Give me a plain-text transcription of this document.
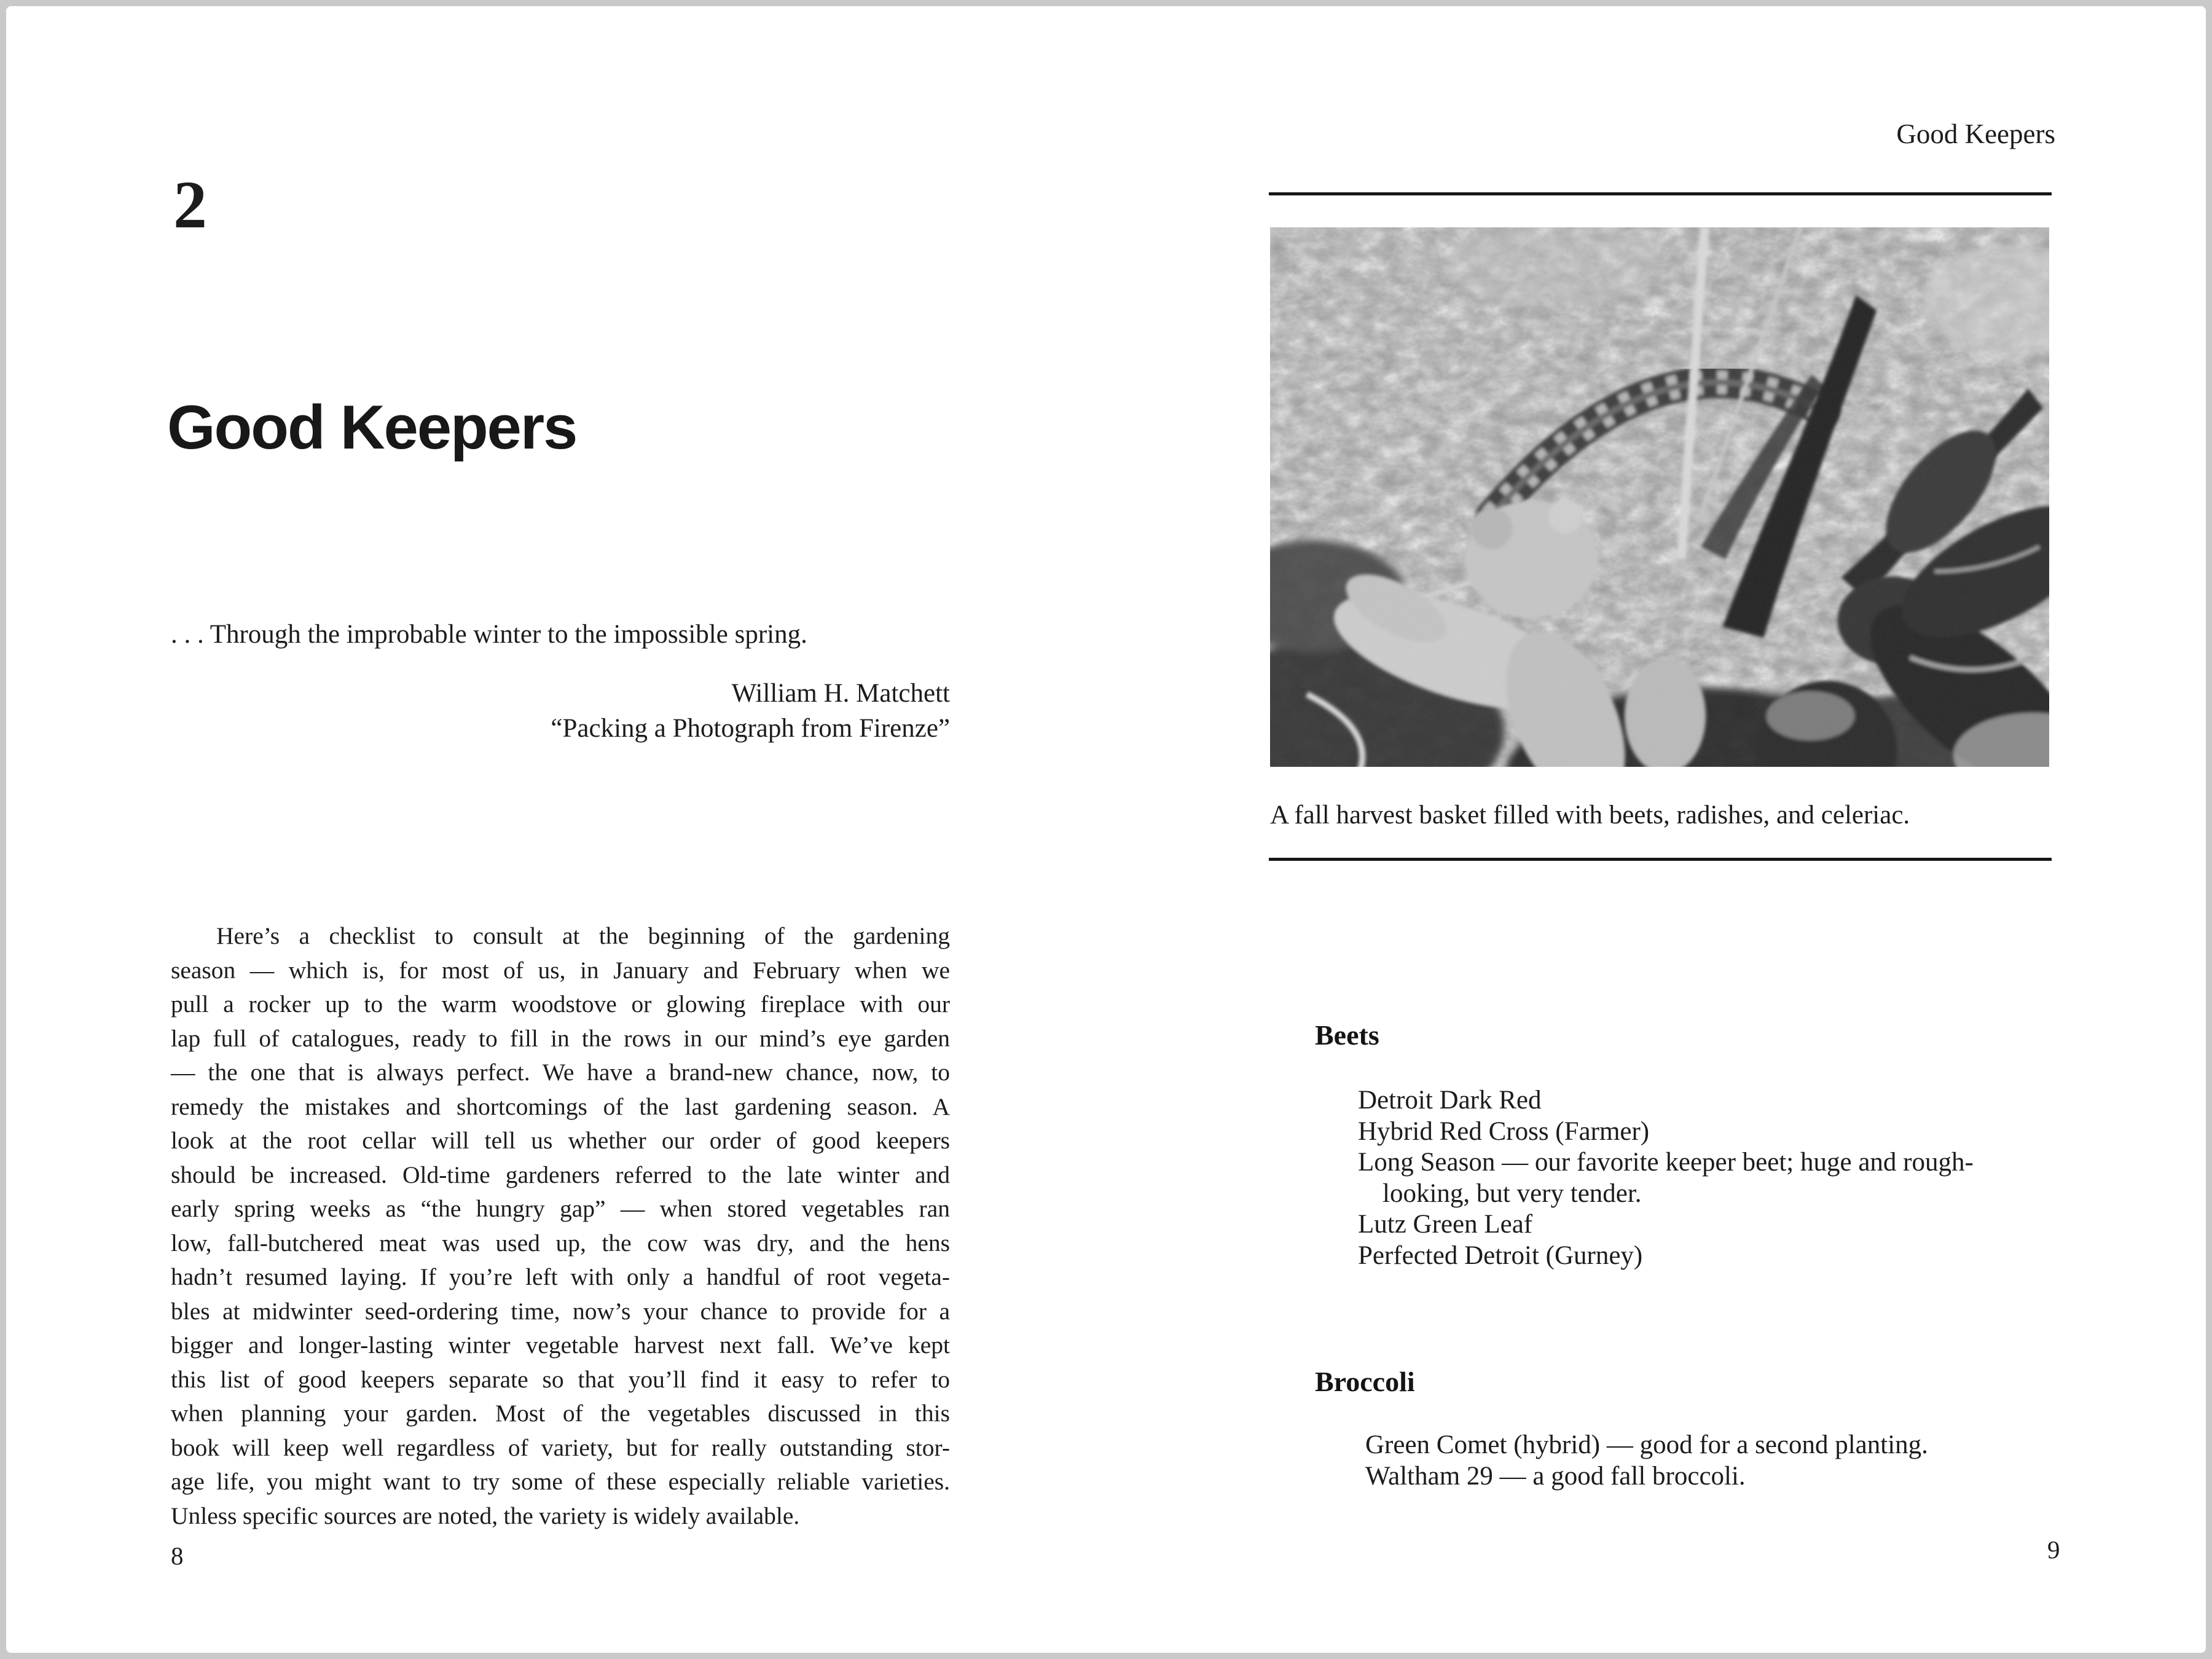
2
Good Keepers

. . . Through the improbable winter to the impossible spring.

William H. Matchett
“Packing a Photograph from Firenze”
Here’s a checklist to consult at the beginning of the gardening
season — which is, for most of us, in January and February when we
pull a rocker up to the warm woodstove or glowing fireplace with our
lap full of catalogues, ready to fill in the rows in our mind’s eye garden
— the one that is always perfect. We have a brand-new chance, now, to
remedy the mistakes and shortcomings of the last gardening season. A
look at the root cellar will tell us whether our order of good keepers
should be increased. Old-time gardeners referred to the late winter and
early spring weeks as “the hungry gap” — when stored vegetables ran
low, fall-butchered meat was used up, the cow was dry, and the hens
hadn’t resumed laying. If you’re left with only a handful of root vegeta-
bles at midwinter seed-ordering time, now’s your chance to provide for a
bigger and longer-lasting winter vegetable harvest next fall. We’ve kept
this list of good keepers separate so that you’ll find it easy to refer to
when planning your garden. Most of the vegetables discussed in this
book will keep well regardless of variety, but for really outstanding stor-
age life, you might want to try some of these especially reliable varieties.
Unless specific sources are noted, the variety is widely available.
8
Good Keepers
A fall harvest basket filled with beets, radishes, and celeriac.
Beets
Detroit Dark Red
Hybrid Red Cross (Farmer)
Long Season — our favorite keeper beet; huge and rough-
looking, but very tender.
Lutz Green Leaf
Perfected Detroit (Gurney)
Broccoli
Green Comet (hybrid) — good for a second planting.
Waltham 29 — a good fall broccoli.
9
